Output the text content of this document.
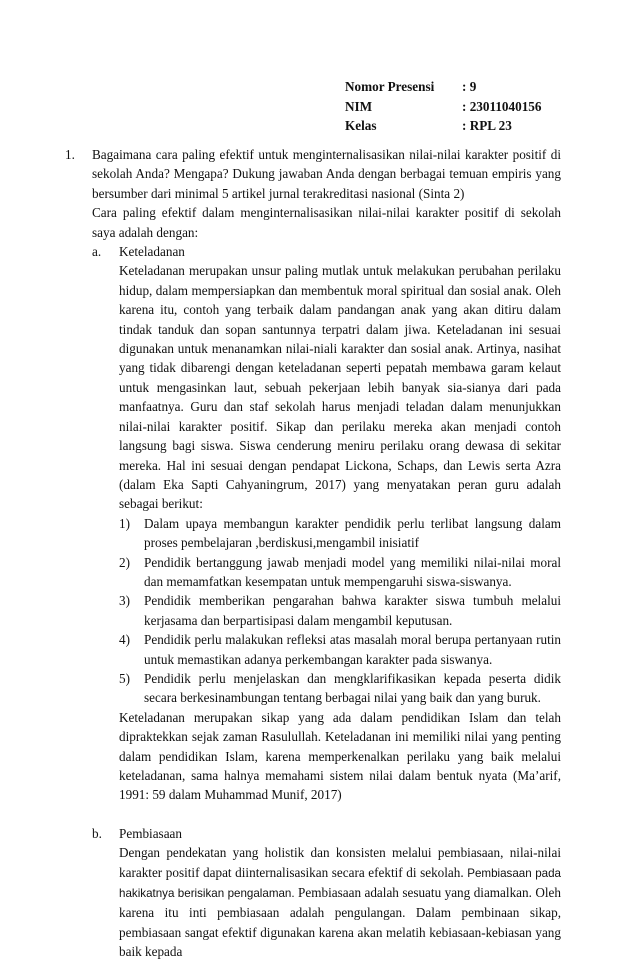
Nomor Presensi	: 9
NIM	: 23011040156
Kelas	: RPL 23
1.	Bagaimana cara paling efektif untuk menginternalisasikan nilai-nilai karakter positif di sekolah Anda? Mengapa? Dukung jawaban Anda dengan berbagai temuan empiris yang bersumber dari minimal 5 artikel jurnal terakreditasi nasional (Sinta 2)

Cara paling efektif dalam menginternalisasikan nilai-nilai karakter positif di sekolah saya adalah dengan:

a.	Keteladanan

Keteladanan merupakan unsur paling mutlak untuk melakukan perubahan perilaku hidup, dalam mempersiapkan dan membentuk moral spiritual dan sosial anak. Oleh karena itu, contoh yang terbaik dalam pandangan anak yang akan ditiru dalam tindak tanduk dan sopan santunnya terpatri dalam jiwa. Keteladanan ini sesuai digunakan untuk menanamkan nilai-niali karakter dan sosial anak. Artinya, nasihat yang tidak dibarengi dengan keteladanan seperti pepatah membawa garam kelaut untuk mengasinkan laut, sebuah pekerjaan lebih banyak sia-sianya dari pada manfaatnya. Guru dan staf sekolah harus menjadi teladan dalam menunjukkan nilai-nilai karakter positif. Sikap dan perilaku mereka akan menjadi contoh langsung bagi siswa. Siswa cenderung meniru perilaku orang dewasa di sekitar mereka. Hal ini sesuai dengan pendapat Lickona, Schaps, dan Lewis serta Azra (dalam Eka Sapti Cahyaningrum, 2017) yang menyatakan peran guru adalah sebagai berikut:

1)	Dalam upaya membangun karakter pendidik perlu terlibat langsung dalam proses pembelajaran ,berdiskusi,mengambil inisiatif
2)	Pendidik bertanggung jawab menjadi model yang memiliki nilai-nilai moral dan memamfatkan kesempatan untuk mempengaruhi siswa-siswanya.
3)	Pendidik memberikan pengarahan bahwa karakter siswa tumbuh melalui kerjasama dan berpartisipasi dalam mengambil keputusan.
4)	Pendidik perlu malakukan refleksi atas masalah moral berupa pertanyaan rutin untuk memastikan adanya perkembangan karakter pada siswanya.
5)	Pendidik perlu menjelaskan dan mengklarifikasikan kepada peserta didik secara berkesinambungan tentang berbagai nilai yang baik dan yang buruk.

Keteladanan merupakan sikap yang ada dalam pendidikan Islam dan telah dipraktekkan sejak zaman Rasulullah. Keteladanan ini memiliki nilai yang penting dalam pendidikan Islam, karena memperkenalkan perilaku yang baik melalui keteladanan, sama halnya memahami sistem nilai dalam bentuk nyata (Ma’arif, 1991: 59 dalam Muhammad Munif, 2017)

b.	Pembiasaan

Dengan pendekatan yang holistik dan konsisten melalui pembiasaan, nilai-nilai karakter positif dapat diinternalisasikan secara efektif di sekolah. Pembiasaan pada hakikatnya berisikan pengalaman. Pembiasaan adalah sesuatu yang diamalkan. Oleh karena itu inti pembiasaan adalah pengulangan. Dalam pembinaan sikap, pembiasaan sangat efektif digunakan karena akan melatih kebiasaan-kebiasan yang baik kepada
